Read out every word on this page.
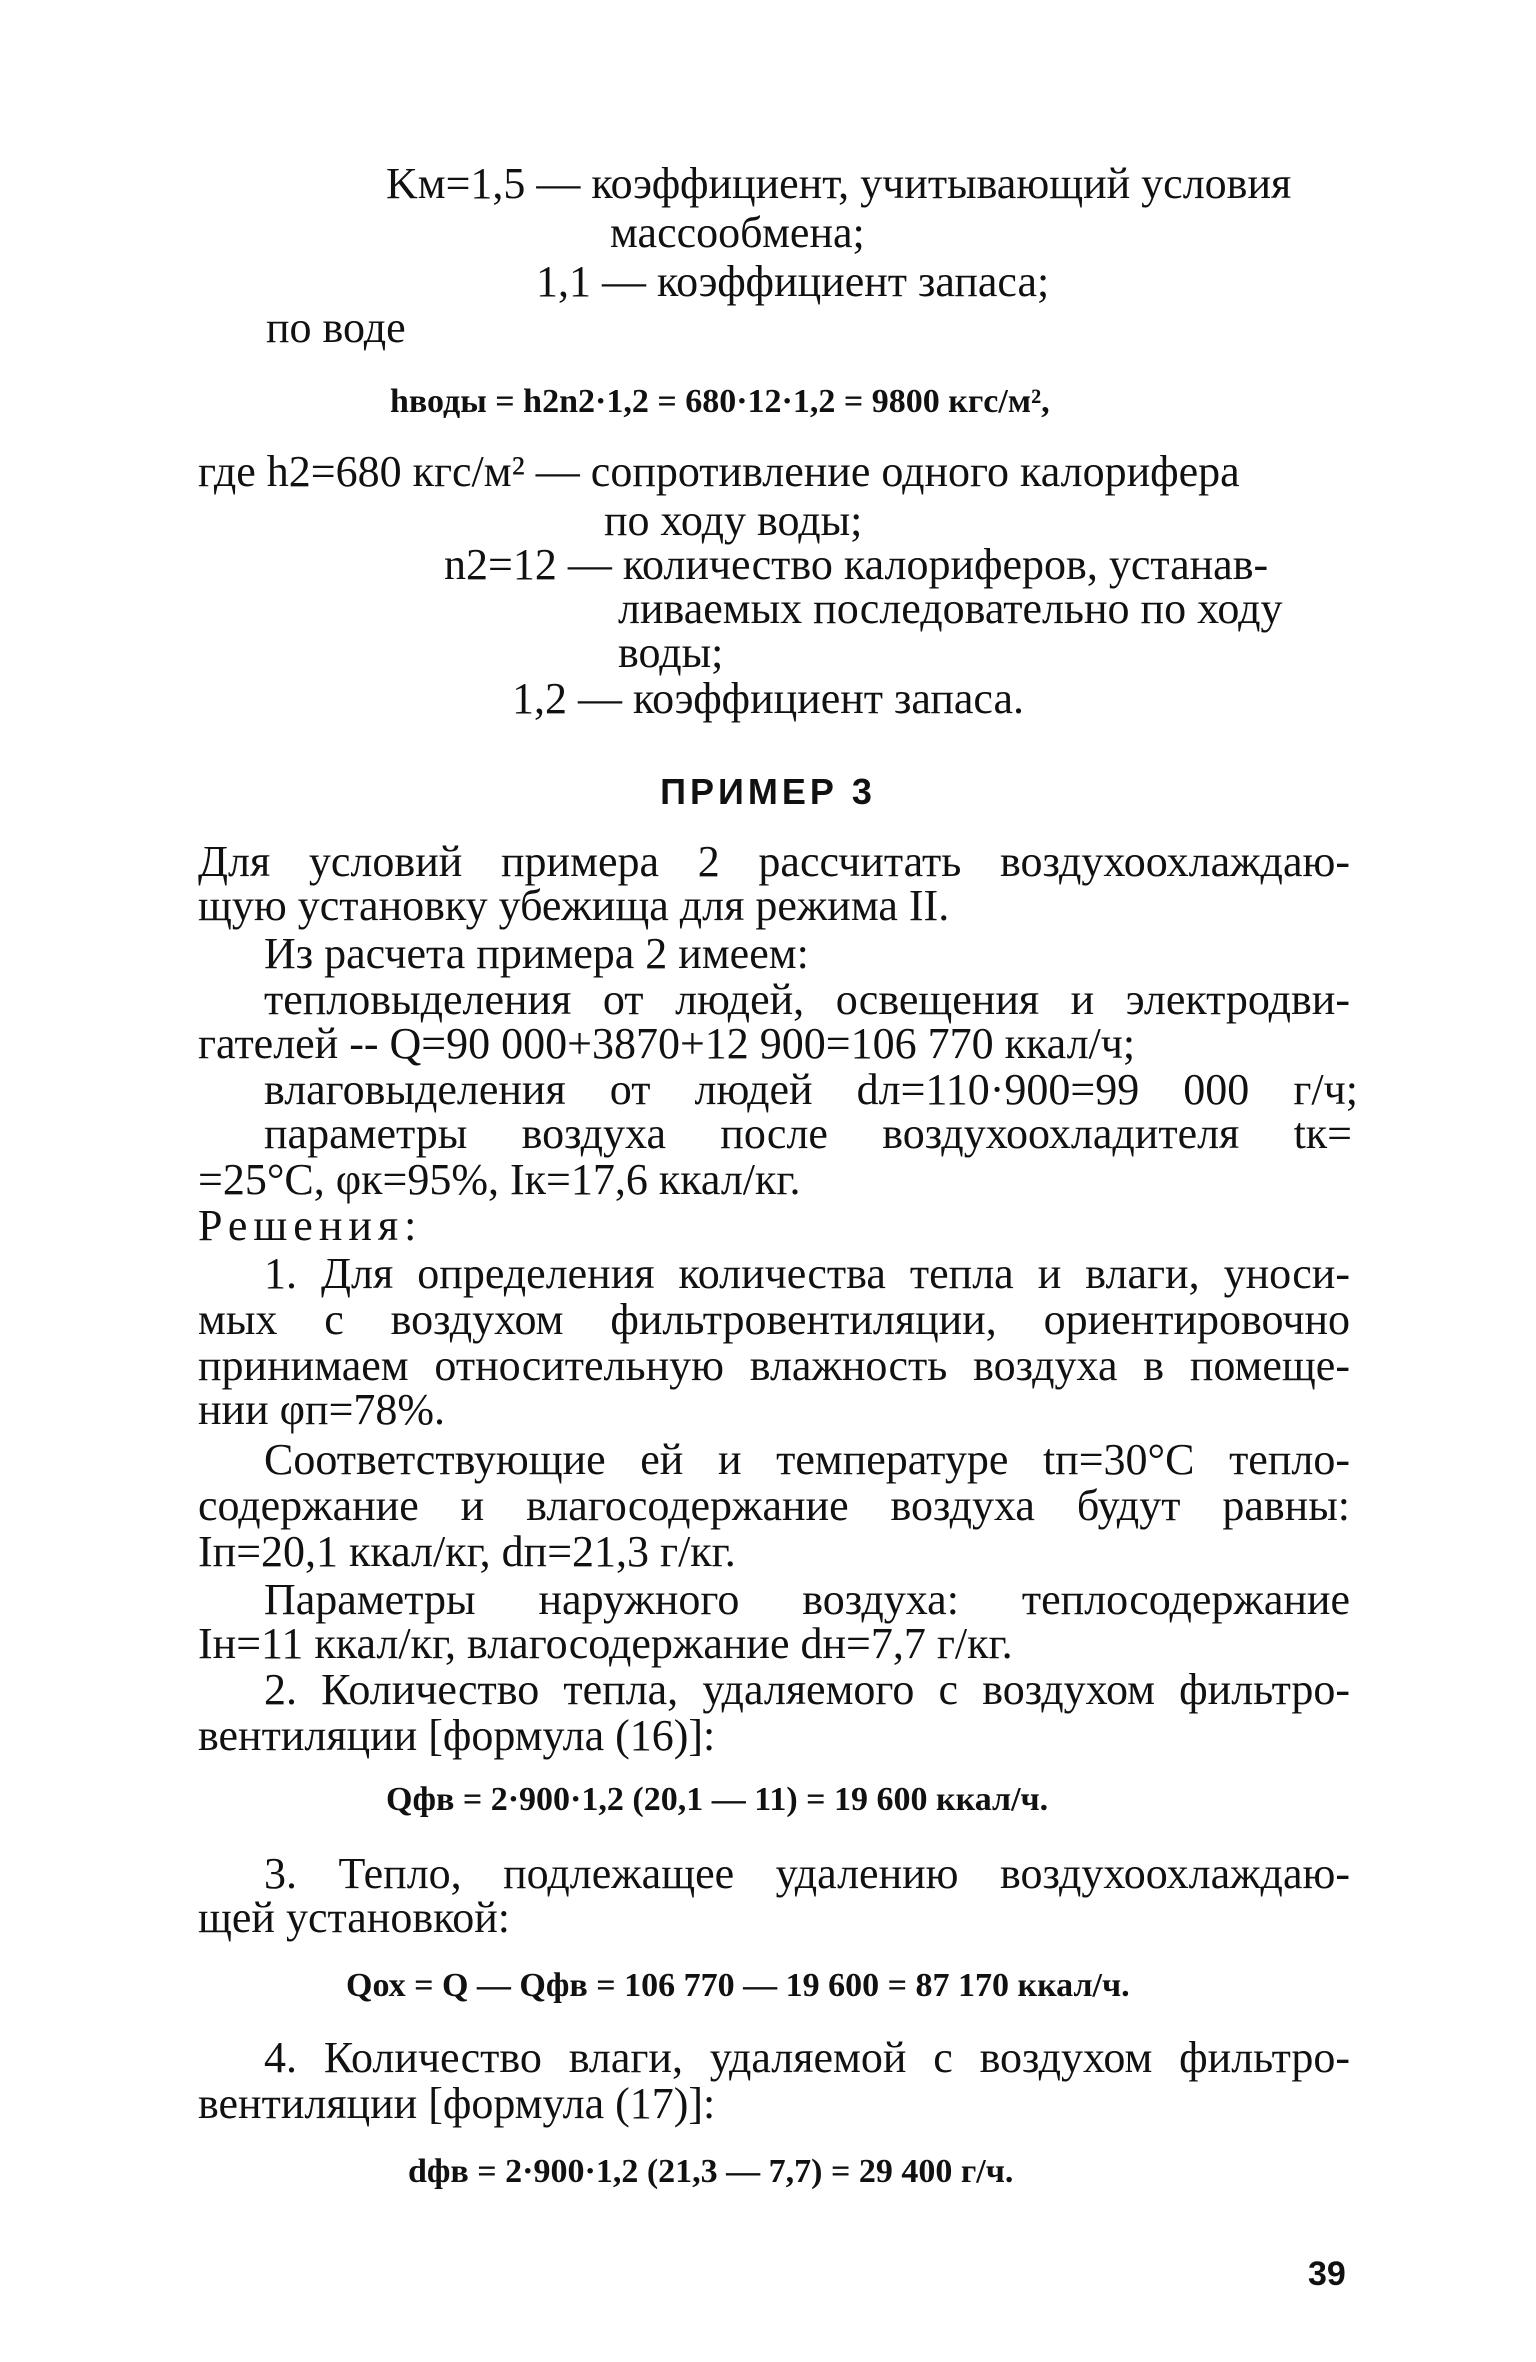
Kм=1,5 — коэффициент, учитывающий условия
массообмена;
1,1 — коэффициент запаса;
по воде
hводы = h2n2·1,2 = 680·12·1,2 = 9800 кгс/м²,
где h2=680 кгс/м² — сопротивление одного калорифера
по ходу воды;
n2=12 — количество калориферов, устанав-
ливаемых последовательно по ходу
воды;
1,2 — коэффициент запаса.
ПРИМЕР 3
Для условий примера 2 рассчитать воздухоохлаждаю-
щую установку убежища для режима II.
Из расчета примера 2 имеем:
тепловыделения от людей, освещения и электродви-
гателей -- Q=90 000+3870+12 900=106 770 ккал/ч;
влаговыделения от людей dл=110·900=99 000 г/ч;
параметры воздуха после воздухоохладителя tк=
=25°C, φк=95%, Iк=17,6 ккал/кг.
Решения:
1. Для определения количества тепла и влаги, уноси-
мых с воздухом фильтровентиляции, ориентировочно
принимаем относительную влажность воздуха в помеще-
нии φп=78%.
Соответствующие ей и температуре tп=30°C тепло-
содержание и влагосодержание воздуха будут равны:
Iп=20,1 ккал/кг, dп=21,3 г/кг.
Параметры наружного воздуха: теплосодержание
Iн=11 ккал/кг, влагосодержание dн=7,7 г/кг.
2. Количество тепла, удаляемого с воздухом фильтро-
вентиляции [формула (16)]:
Qфв = 2·900·1,2 (20,1 — 11) = 19 600 ккал/ч.
3. Тепло, подлежащее удалению воздухоохлаждаю-
щей установкой:
Qох = Q — Qфв = 106 770 — 19 600 = 87 170 ккал/ч.
4. Количество влаги, удаляемой с воздухом фильтро-
вентиляции [формула (17)]:
dфв = 2·900·1,2 (21,3 — 7,7) = 29 400 г/ч.
39
